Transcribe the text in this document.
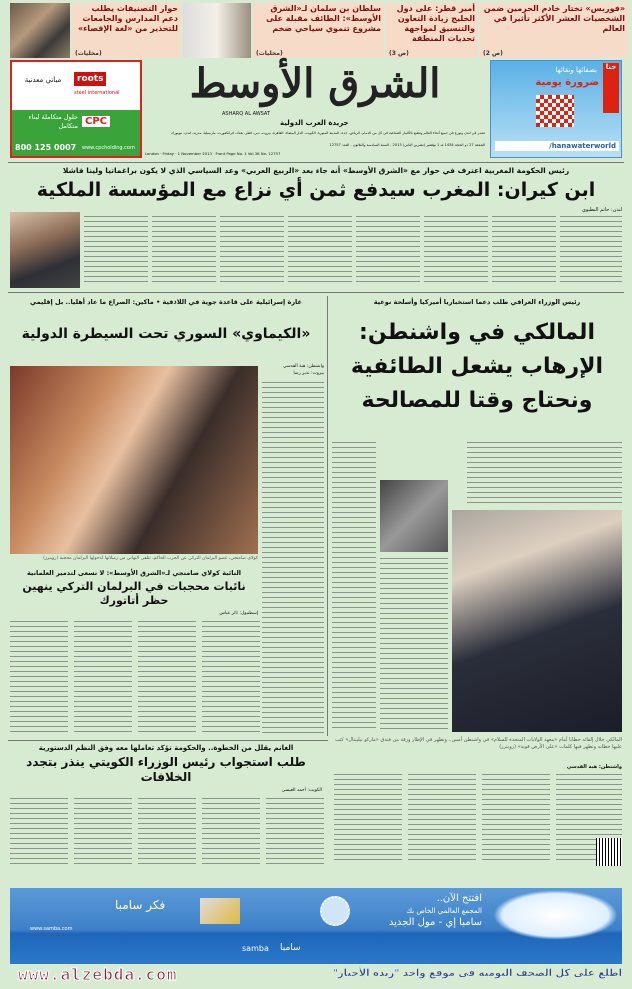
«فوربس» تختار خادم الحرمين ضمن الشخصيات العشر الأكثر تأثيرا في العالم
(ص 2)
أمير قطر: على دول الخليج زيادة التعاون والتنسيق لمواجهة تحديات المنطقة
(ص 3)
سلطان بن سلمان لـ«الشرق الأوسط»: الطائف مقبلة على مشروع تنموي سياحي ضخم
(محليات)
حوار التصنيفات يطلب دعم المدارس والجامعات للتحذير من «لغة الإقصاء»
(محليات)
roots
steel international
مباني معدنية
CPC
حلول متكاملة لبناء متكامل
800 125 0007 www.cpcholding.com
حنا
بصفائها ونقائها
ضرورة يومية
/hanawaterworld
الشرق الأوسط
ASHARQ AL AWSAT
جريدة العرب الدولية
تصدر في لندن وتوزع في جميع أنحاء العالم وتطبع بالأقمار الصناعية في كل من الدمام، الرياض، جدة، المدينة المنورة، الكويت، الدار البيضاء، القاهرة، بيروت، دبي، قطر، بغداد، فرانكفورت، مارسيليا، مدريد، لندن، نيويورك
الجمعة 27 ذو الحجة 1434 هـ 1 نوفمبر (تشرين الثاني) 2013 - السنة السادسة والثلاثون - العدد 12757
London · Friday · 1 November 2013 · Front Page No. 1 Vol 36 No. 12757
رئيس الحكومة المغربية اعترف في حوار مع «الشرق الأوسط» أنه جاء بعد «الربيع العربي» وعد السياسي الذي لا يكون براغماتيا ولينا فاشلا
ابن كيران: المغرب سيدفع ثمن أي نزاع مع المؤسسة الملكية
لندن: حاتم البطيوي
رئيس الوزراء العراقي طلب دعما استخباريا أميركيا وأسلحة نوعية
المالكي في واشنطن:
الإرهاب يشعل الطائفية
ونحتاج وقتا للمصالحة
المالكي خلال إلقائه خطابا أمام «معهد الولايات المتحدة للسلام» في واشنطن أمس.. وتظهر في الإطار ورقة من فندق «ماركو تيلينتال» كتب عليها خطابه وتظهر فيها كلمات «على الأرض قوية» (رويترز)
واشنطن: هبة القدسي
غارة إسرائيلية على قاعدة جوية في اللاذقية • ماكين: الصراع ما عاد أهليا.. بل إقليمي
«الكيماوي» السوري تحت السيطرة الدولية
واشنطن: هبة القدسي
بيروت: نذير رضا
كولاي صامنجي، عضو البرلمان التركي عن الحزب الحاكم، تتلقى التهاني من زميلاتها لدخولها البرلمان محجبة (رويترز)
النائبة كولاي صامنجي لـ«الشرق الأوسط»: لا نسعى لتدمير العلمانية
نائبات محجبات في البرلمان التركي ينهين حظر أتاتورك
إسطنبول: ثائر عباس
الغانم يقلل من الخطوة.. والحكومة تؤكد تعاملها معه وفق النظم الدستورية
طلب استجواب رئيس الوزراء الكويتي ينذر بتجدد الخلافات
الكويت: أحمد العيسى
افتتح الآن..
المجمع العالمي الخاص بك
سامبا إي - مول الجديد
فكر سامبا
www.samba.com
سامبا
samba
www.alzebda.com	اطلع على كل الصحف اليومية في موقع واحد "زبدة الأخبار"
